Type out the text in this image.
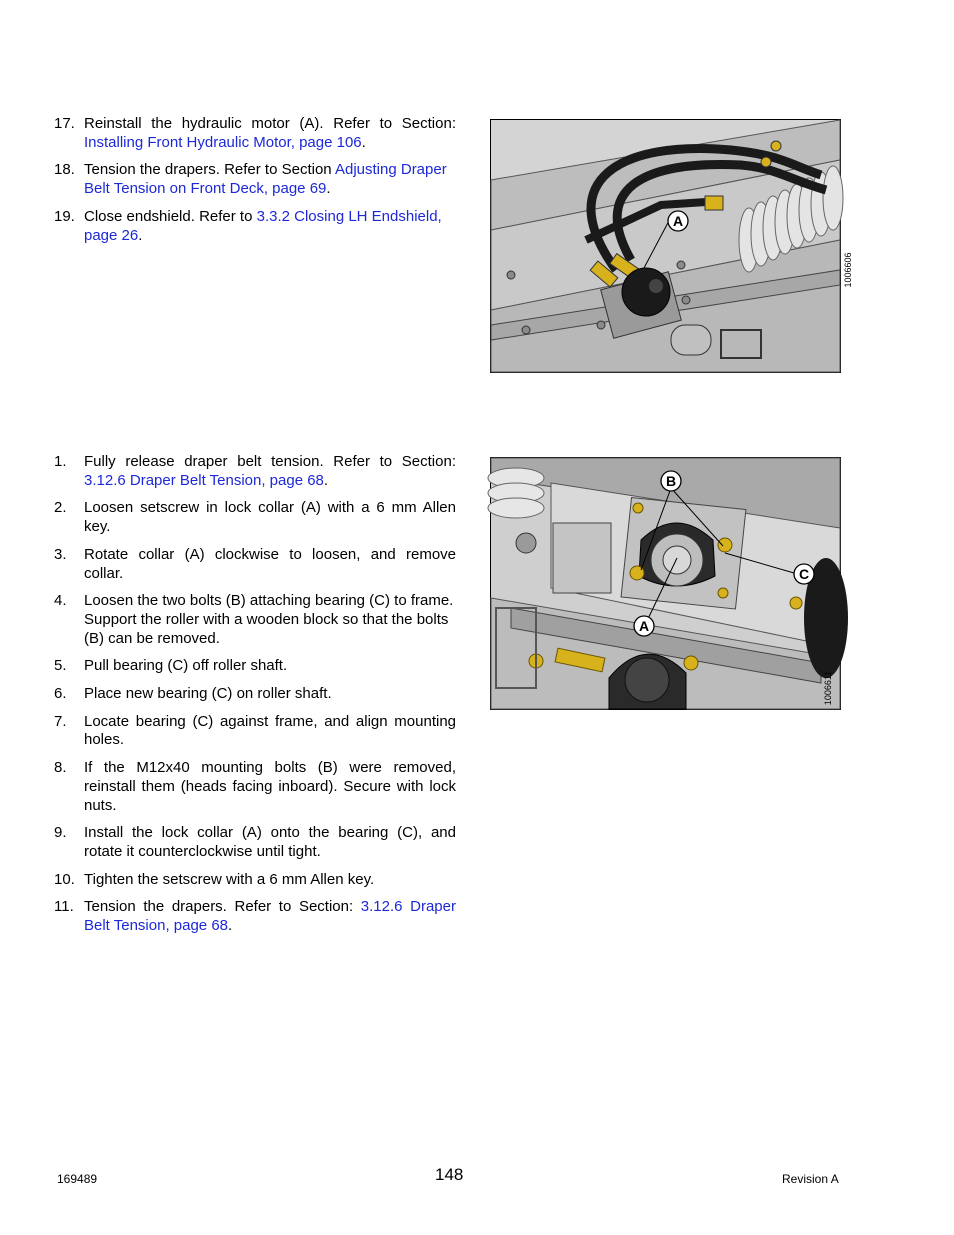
17. Reinstall the hydraulic motor (A). Refer to Section: Installing Front Hydraulic Motor, page 106.
18. Tension the drapers. Refer to Section Adjusting Draper Belt Tension on Front Deck, page 69.
19. Close endshield. Refer to 3.3.2 Closing LH Endshield, page 26.
A
1006606
1.	Fully release draper belt tension. Refer to Section: 3.12.6 Draper Belt Tension, page 68.
2.	Loosen setscrew in lock collar (A) with a 6 mm Allen key.
3.	Rotate collar (A) clockwise to loosen, and remove collar.
4.	Loosen the two bolts (B) attaching bearing (C) to frame. Support the roller with a wooden block so that the bolts (B) can be removed.
5.	Pull bearing (C) off roller shaft.
6.	Place new bearing (C) on roller shaft.
7.	Locate bearing (C) against frame, and align mounting holes.
8.	If the M12x40 mounting bolts (B) were removed, reinstall them (heads facing inboard). Secure with lock nuts.
9.	Install the lock collar (A) onto the bearing (C), and rotate it counterclockwise until tight.
10. Tighten the setscrew with a 6 mm Allen key.
11. Tension the drapers. Refer to Section: 3.12.6 Draper Belt Tension, page 68.
B
C
A
1006611
169489	148	Revision A
